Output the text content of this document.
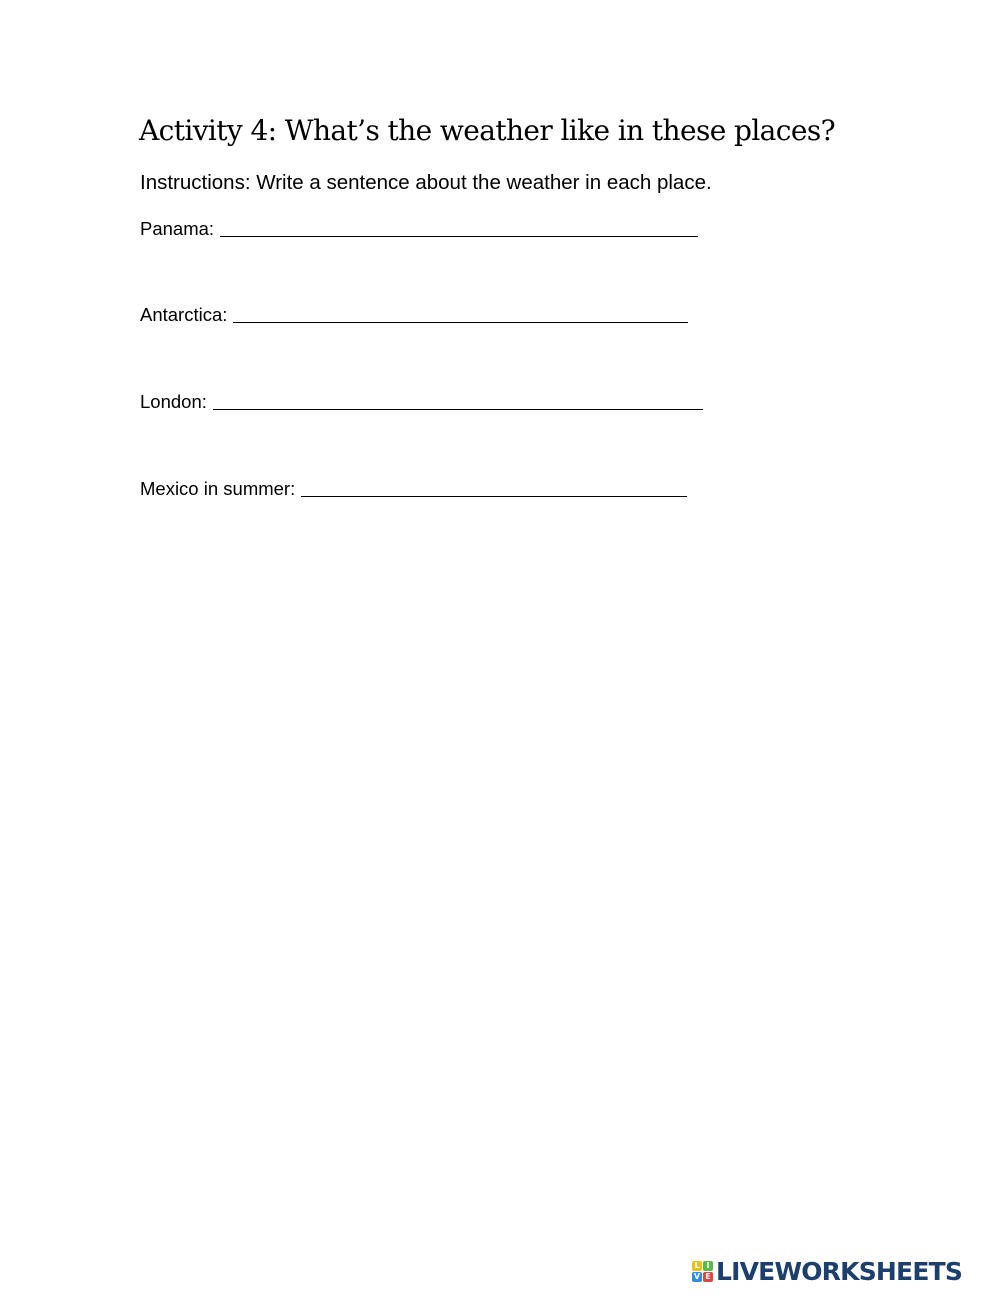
Activity 4: What’s the weather like in these places?
Instructions: Write a sentence about the weather in each place.
Panama:
Antarctica:
London:
Mexico in summer:
L I
V E LIVEWORKSHEETS
